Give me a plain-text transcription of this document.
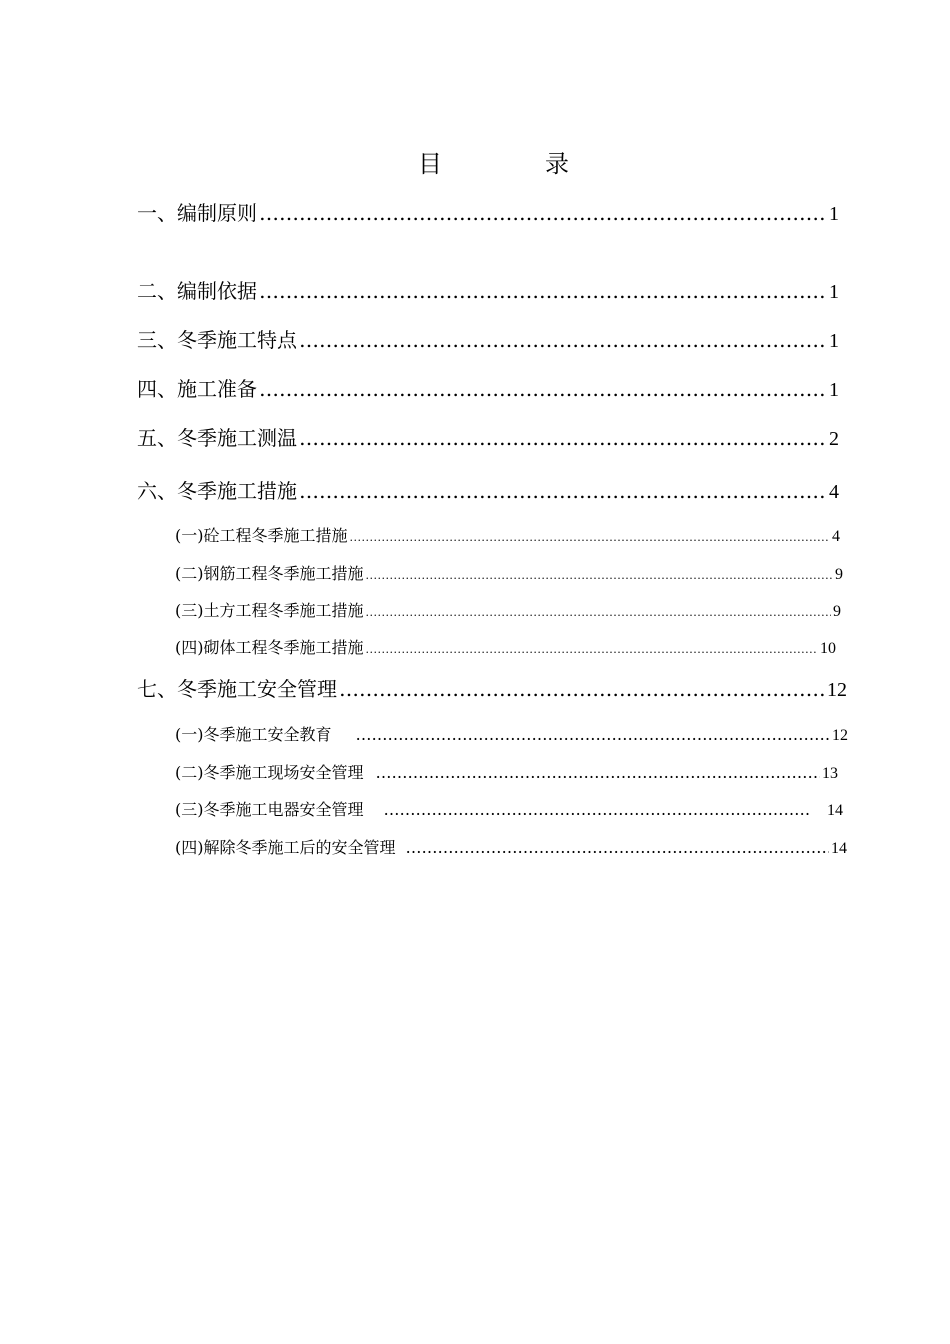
目	录
一、编制原则 …………………………………………………………………………………………………………………………………………………………………………………………………………………………………………………………………………	1
二、编制依据 …………………………………………………………………………………………………………………………………………………………………………………………………………………………………………………………………………	1
三、冬季施工特点 …………………………………………………………………………………………………………………………………………………………………………………………………………………………………………………………………………	1
四、施工准备 …………………………………………………………………………………………………………………………………………………………………………………………………………………………………………………………………………	1
五、冬季施工测温 …………………………………………………………………………………………………………………………………………………………………………………………………………………………………………………………………………	2
六、冬季施工措施 …………………………………………………………………………………………………………………………………………………………………………………………………………………………………………………………………………	4
(一)砼工程冬季施工措施 .....	4
(二)钢筋工程冬季施工措施 .....	9
(三)土方工程冬季施工措施 .....	9
(四)砌体工程冬季施工措施 .....	10
七、冬季施工安全管理 …………………………………………………………………………………………………………………………………………………………………………………………………………………………………………………………………………	12
(一)冬季施工安全教育 …………………………………………………………………………………………………………………………………………………………………………………………………………………………………………………………………………	12
(二)冬季施工现场安全管理 …………………………………………………………………………………………………………………………………………………………………………………………………………………………………………………………………………	13
(三)冬季施工电器安全管理 …………………………………………………………………………………………………………………………………………………………………………………………………………………………………………………………………………	14
(四)解除冬季施工后的安全管理 …………………………………………………………………………………………………………………………………………………………………………………………………………………………………………………………………………	14
